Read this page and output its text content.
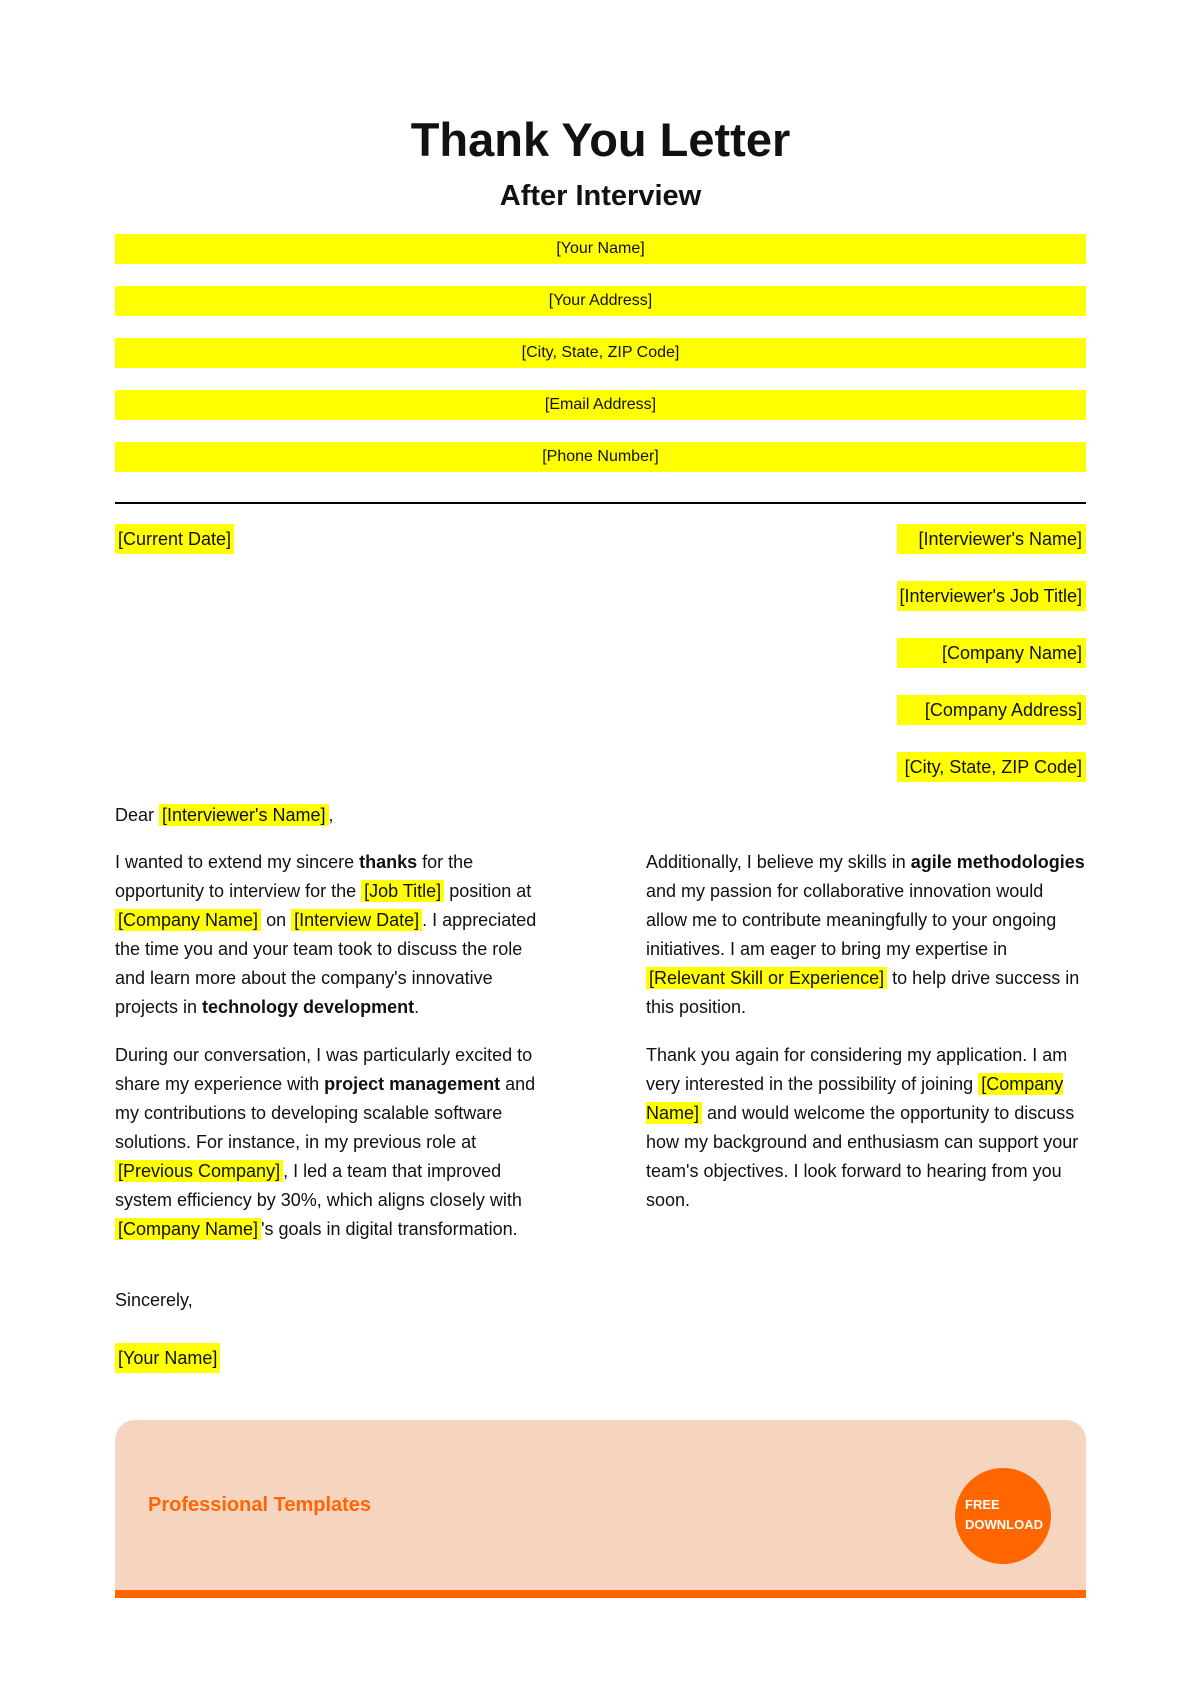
Thank You Letter
After Interview
[Your Name]
[Your Address]
[City, State, ZIP Code]
[Email Address]
[Phone Number]
[Current Date]	[Interviewer's Name]
[Interviewer's Job Title]
[Company Name]
[Company Address]
[City, State, ZIP Code]
Dear [Interviewer's Name] ,

I wanted to extend my sincere thanks for the opportunity to interview for the [Job Title] position at [Company Name] on [Interview Date] . I appreciated the time you and your team took to discuss the role and learn more about the company's innovative projects in technology development.

During our conversation, I was particularly excited to share my experience with project management and my contributions to developing scalable software solutions. For instance, in my previous role at [Previous Company] , I led a team that improved system efficiency by 30%, which aligns closely with [Company Name] 's goals in digital transformation.

Additionally, I believe my skills in agile methodologies and my passion for collaborative innovation would allow me to contribute meaningfully to your ongoing initiatives. I am eager to bring my expertise in [Relevant Skill or Experience] to help drive success in this position.

Thank you again for considering my application. I am very interested in the possibility of joining [Company Name] and would welcome the opportunity to discuss how my background and enthusiasm can support your team's objectives. I look forward to hearing from you soon.

Sincerely,
[Your Name]
Professional Templates	FREE
DOWNLOAD
